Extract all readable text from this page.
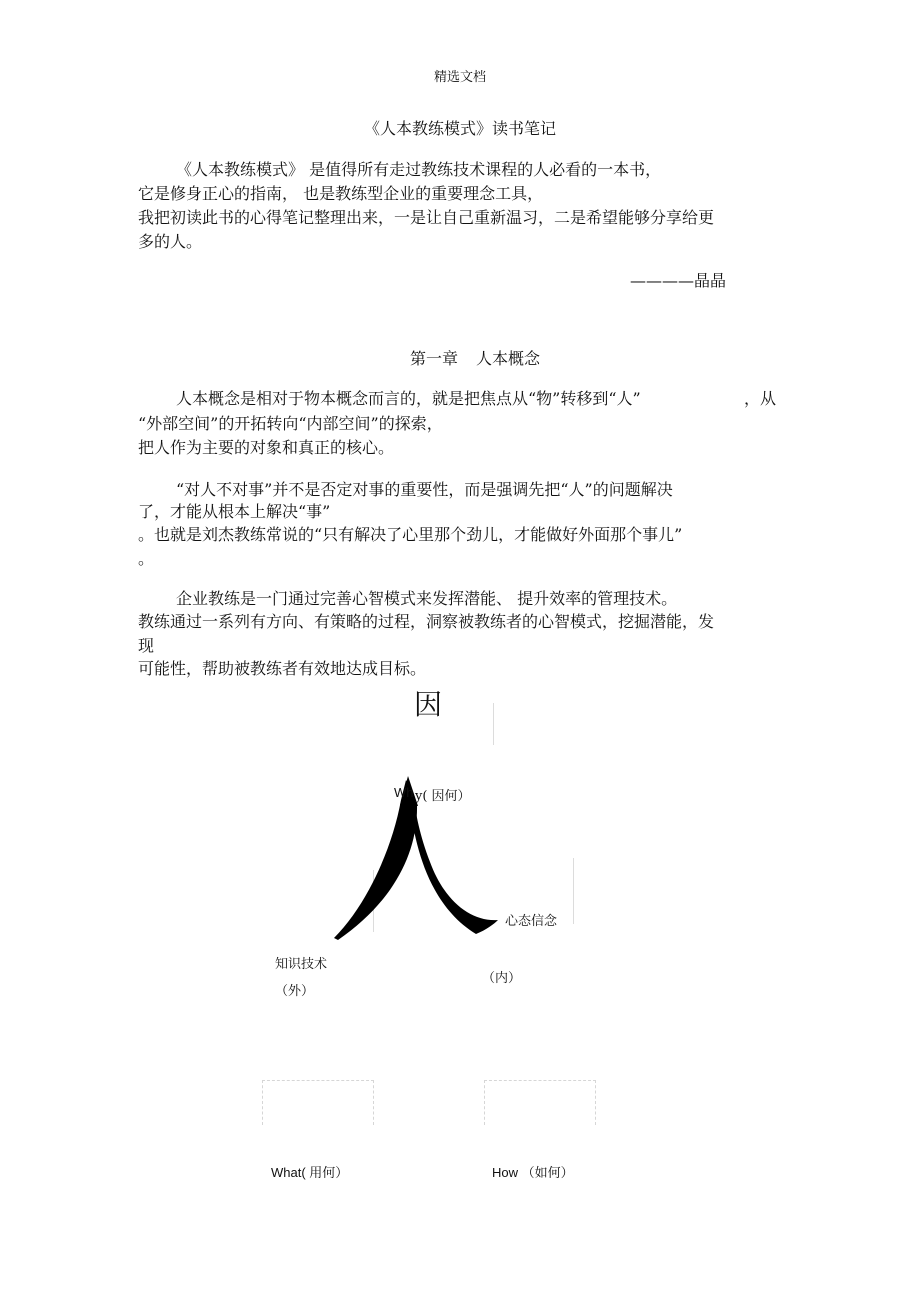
精选文档
《人本教练模式》读书笔记
《人本教练模式》 是值得所有走过教练技术课程的人必看的一本书，
它是修身正心的指南， 也是教练型企业的重要理念工具，
我把初读此书的心得笔记整理出来，一是让自己重新温习，二是希望能够分享给更
多的人。
————晶晶
第一章 人本概念
人本概念是相对于物本概念而言的，就是把焦点从“物”转移到“人”	，从
“外部空间”的开拓转向“内部空间”的探索，
把人作为主要的对象和真正的核心。
“对人不对事”并不是否定对事的重要性，而是强调先把“人”的问题解决
了，才能从根本上解决“事”
。也就是刘杰教练常说的“只有解决了心里那个劲儿，才能做好外面那个事儿”
。
企业教练是一门通过完善心智模式来发挥潜能、 提升效率的管理技术。
教练通过一系列有方向、有策略的过程，洞察被教练者的心智模式，挖掘潜能，发
现
可能性，帮助被教练者有效地达成目标。
因
Wh y( 因何）
心态信念
（内）
知识技术
（外）
What( 用何）	How （如何）
